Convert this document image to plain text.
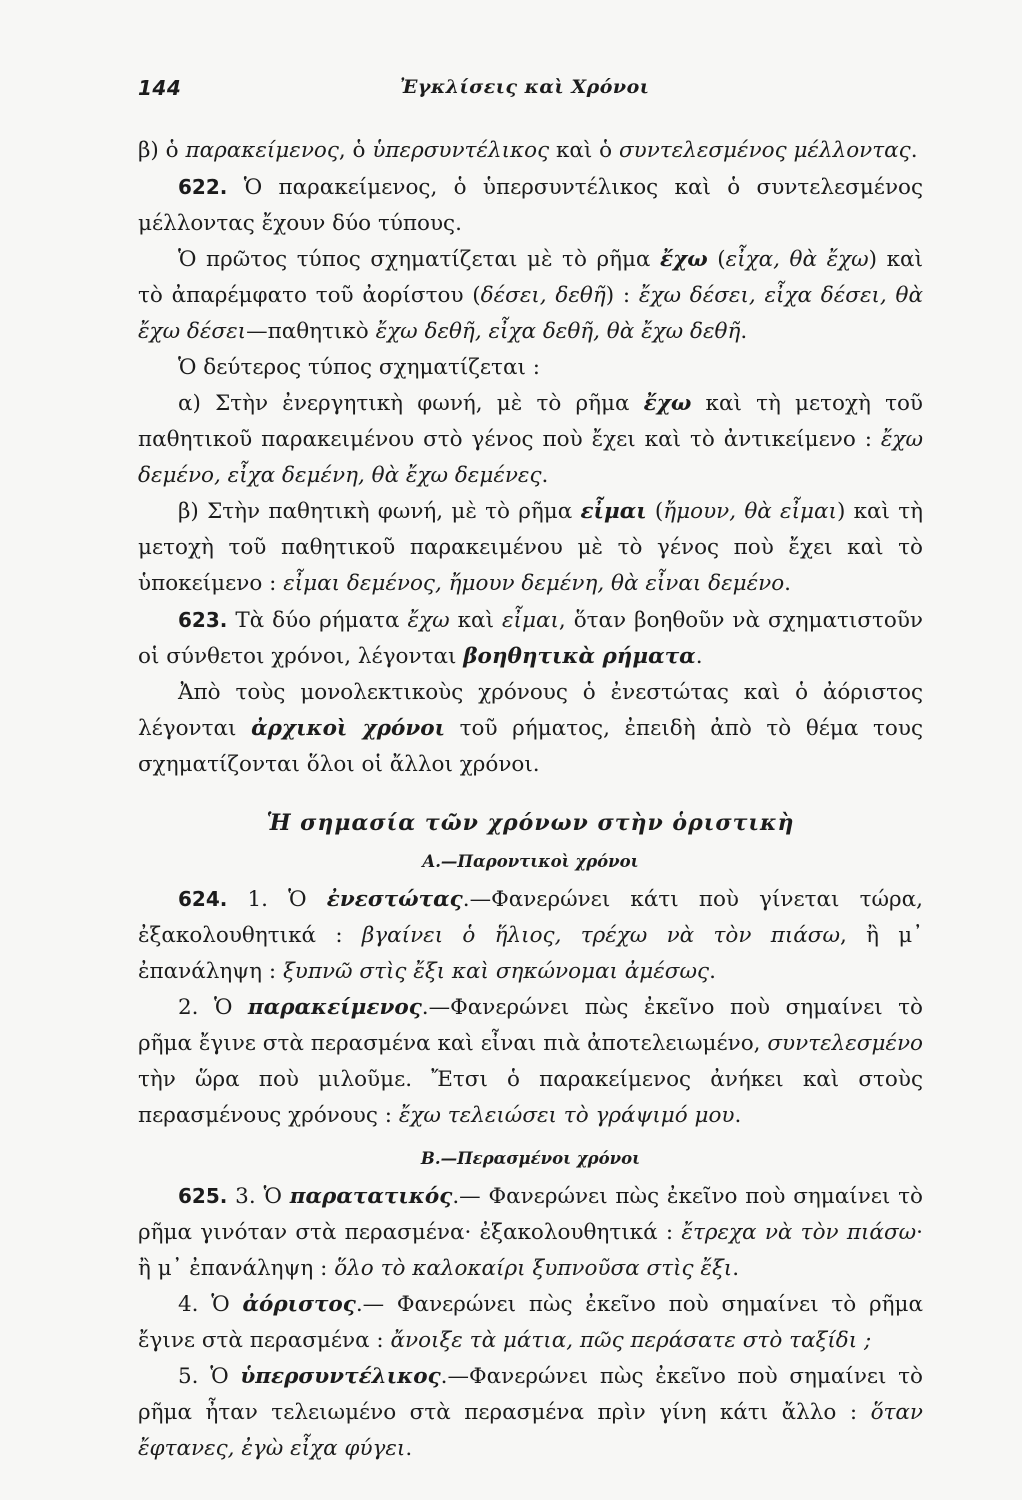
144	Ἐγκλίσεις καὶ Χρόνοι

β) ὁ παρακείμενος, ὁ ὑπερσυντέλικος καὶ ὁ συντελεσμένος μέλλοντας.

622. Ὁ παρακείμενος, ὁ ὑπερσυντέλικος καὶ ὁ συντελεσμένος μέλλοντας ἔχουν δύο τύπους.

Ὁ πρῶτος τύπος σχηματίζεται μὲ τὸ ρῆμα ἔχω (εἶχα, θὰ ἔχω) καὶ τὸ ἀπαρέμφατο τοῦ ἀορίστου (δέσει, δεθῆ) : ἔχω δέσει, εἶχα δέσει, θὰ ἔχω δέσει—παθητικὸ ἔχω δεθῆ, εἶχα δεθῆ, θὰ ἔχω δεθῆ.

Ὁ δεύτερος τύπος σχηματίζεται :

α) Στὴν ἐνεργητικὴ φωνή, μὲ τὸ ρῆμα ἔχω καὶ τὴ μετοχὴ τοῦ παθητικοῦ παρακειμένου στὸ γένος ποὺ ἔχει καὶ τὸ ἀντικείμενο : ἔχω δεμένο, εἶχα δεμένη, θὰ ἔχω δεμένες.

β) Στὴν παθητικὴ φωνή, μὲ τὸ ρῆμα εἶμαι (ἤμουν, θὰ εἶμαι) καὶ τὴ μετοχὴ τοῦ παθητικοῦ παρακειμένου μὲ τὸ γένος ποὺ ἔχει καὶ τὸ ὑποκείμενο : εἶμαι δεμένος, ἤμουν δεμένη, θὰ εἶναι δεμένο.

623. Τὰ δύο ρήματα ἔχω καὶ εἶμαι, ὅταν βοηθοῦν νὰ σχηματιστοῦν οἱ σύνθετοι χρόνοι, λέγονται βοηθητικὰ ρήματα.

Ἀπὸ τοὺς μονολεκτικοὺς χρόνους ὁ ἐνεστώτας καὶ ὁ ἀόριστος λέγονται ἀρχικοὶ χρόνοι τοῦ ρήματος, ἐπειδὴ ἀπὸ τὸ θέμα τους σχηματίζονται ὅλοι οἱ ἄλλοι χρόνοι.

Ἡ σημασία τῶν χρόνων στὴν ὁριστικὴ
Α.—Παροντικοὶ χρόνοι

624. 1. Ὁ ἐνεστώτας.—Φανερώνει κάτι ποὺ γίνεται τώρα, ἐξακολουθητικά : βγαίνει ὁ ἥλιος, τρέχω νὰ τὸν πιάσω, ἢ μ᾽ ἐπανάληψη : ξυπνῶ στὶς ἔξι καὶ σηκώνομαι ἀμέσως.

2. Ὁ παρακείμενος.—Φανερώνει πὼς ἐκεῖνο ποὺ σημαίνει τὸ ρῆμα ἔγινε στὰ περασμένα καὶ εἶναι πιὰ ἀποτελειωμένο, συντελεσμένο τὴν ὥρα ποὺ μιλοῦμε. Ἔτσι ὁ παρακείμενος ἀνήκει καὶ στοὺς περασμένους χρόνους : ἔχω τελειώσει τὸ γράψιμό μου.

Β.—Περασμένοι χρόνοι

625. 3. Ὁ παρατατικός.— Φανερώνει πὼς ἐκεῖνο ποὺ σημαίνει τὸ ρῆμα γινόταν στὰ περασμένα· ἐξακολουθητικά : ἔτρεχα νὰ τὸν πιάσω· ἢ μ᾽ ἐπανάληψη : ὅλο τὸ καλοκαίρι ξυπνοῦσα στὶς ἔξι.

4. Ὁ ἀόριστος.— Φανερώνει πὼς ἐκεῖνο ποὺ σημαίνει τὸ ρῆμα ἔγινε στὰ περασμένα : ἄνοιξε τὰ μάτια, πῶς περάσατε στὸ ταξίδι ;

5. Ὁ ὑπερσυντέλικος.—Φανερώνει πὼς ἐκεῖνο ποὺ σημαίνει τὸ ρῆμα ἦταν τελειωμένο στὰ περασμένα πρὶν γίνη κάτι ἄλλο : ὅταν ἔφτανες, ἐγὼ εἶχα φύγει.
